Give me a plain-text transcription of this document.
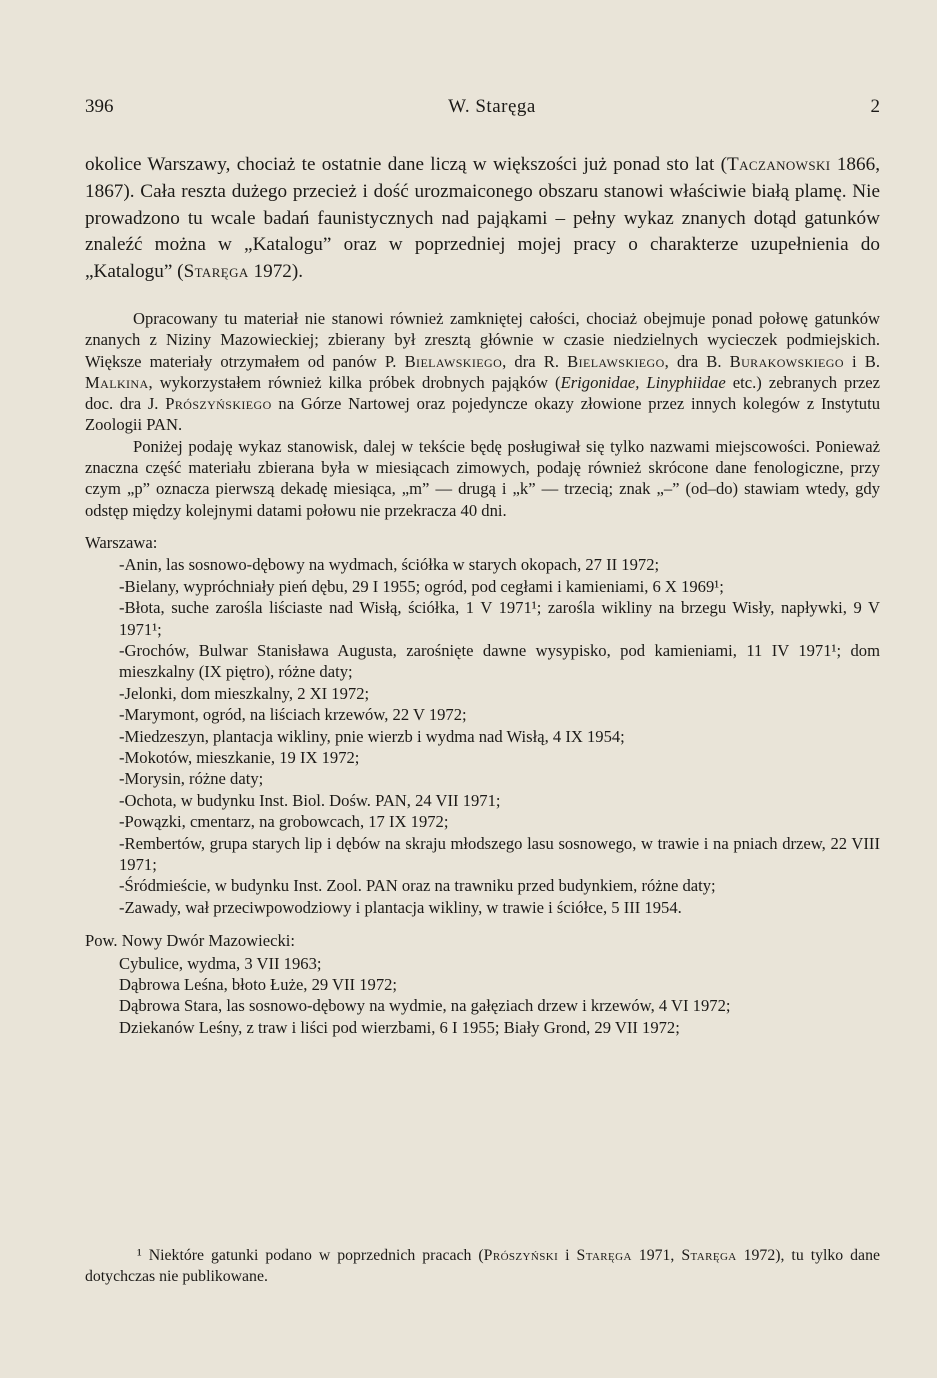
396	W. Staręga	2

okolice Warszawy, chociaż te ostatnie dane liczą w większości już ponad sto lat (Taczanowski 1866, 1867). Cała reszta dużego przecież i dość urozmaiconego obszaru stanowi właściwie białą plamę. Nie prowadzono tu wcale badań faunistycznych nad pająkami – pełny wykaz znanych dotąd gatunków znaleźć można w „Katalogu” oraz w poprzedniej mojej pracy o charakterze uzupełnienia do „Katalogu” (Staręga 1972).

Opracowany tu materiał nie stanowi również zamkniętej całości, chociaż obejmuje ponad połowę gatunków znanych z Niziny Mazowieckiej; zbierany był zresztą głównie w czasie niedzielnych wycieczek podmiejskich. Większe materiały otrzymałem od panów P. Bielawskiego, dra R. Bielawskiego, dra B. Burakowskiego i B. Malkina, wykorzystałem również kilka próbek drobnych pająków (Erigonidae, Linyphiidae etc.) zebranych przez doc. dra J. Prószyńskiego na Górze Nartowej oraz pojedyncze okazy złowione przez innych kolegów z Instytutu Zoologii PAN.

Poniżej podaję wykaz stanowisk, dalej w tekście będę posługiwał się tylko nazwami miejscowości. Ponieważ znaczna część materiału zbierana była w miesiącach zimowych, podaję również skrócone dane fenologiczne, przy czym „p” oznacza pierwszą dekadę miesiąca, „m” — drugą i „k” — trzecią; znak „–” (od–do) stawiam wtedy, gdy odstęp między kolejnymi datami połowu nie przekracza 40 dni.

Warszawa:

-Anin, las sosnowo-dębowy na wydmach, ściółka w starych okopach, 27 II 1972;

-Bielany, wypróchniały pień dębu, 29 I 1955; ogród, pod cegłami i kamieniami, 6 X 1969¹;

-Błota, suche zarośla liściaste nad Wisłą, ściółka, 1 V 1971¹; zarośla wikliny na brzegu Wisły, napływki, 9 V 1971¹;

-Grochów, Bulwar Stanisława Augusta, zarośnięte dawne wysypisko, pod kamieniami, 11 IV 1971¹; dom mieszkalny (IX piętro), różne daty;

-Jelonki, dom mieszkalny, 2 XI 1972;

-Marymont, ogród, na liściach krzewów, 22 V 1972;

-Miedzeszyn, plantacja wikliny, pnie wierzb i wydma nad Wisłą, 4 IX 1954;

-Mokotów, mieszkanie, 19 IX 1972;

-Morysin, różne daty;

-Ochota, w budynku Inst. Biol. Dośw. PAN, 24 VII 1971;

-Powązki, cmentarz, na grobowcach, 17 IX 1972;

-Rembertów, grupa starych lip i dębów na skraju młodszego lasu sosnowego, w trawie i na pniach drzew, 22 VIII 1971;

-Śródmieście, w budynku Inst. Zool. PAN oraz na trawniku przed budynkiem, różne daty;

-Zawady, wał przeciwpowodziowy i plantacja wikliny, w trawie i ściółce, 5 III 1954.

Pow. Nowy Dwór Mazowiecki:

Cybulice, wydma, 3 VII 1963;

Dąbrowa Leśna, błoto Łuże, 29 VII 1972;

Dąbrowa Stara, las sosnowo-dębowy na wydmie, na gałęziach drzew i krzewów, 4 VI 1972;

Dziekanów Leśny, z traw i liści pod wierzbami, 6 I 1955; Biały Grond, 29 VII 1972;

¹ Niektóre gatunki podano w poprzednich pracach (Prószyński i Staręga 1971, Staręga 1972), tu tylko dane dotychczas nie publikowane.
